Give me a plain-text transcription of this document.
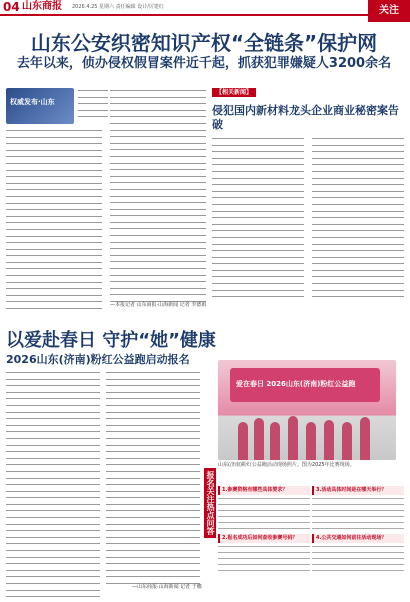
04 山东商报 2026.4.25 星期六 责任编辑 设计/厉建红	关注
山东公安织密知识产权“全链条”保护网
去年以来，侦办侵权假冒案件近千起，抓获犯罪嫌疑人3200余名
权威发布·山东
—本报记者 山东商报·山海新闻 记者 李德娟
【相关新闻】
侵犯国内新材料龙头企业商业秘密案告破
以爱赴春日 守护“她”健康
2026山东(济南)粉红公益跑启动报名
—山东商报·山海新闻 记者 于娜
爱在春日 2026山东(济南)粉红公益跑
山东(济南)粉红公益跑活动现场照片。图为2025年比赛现场。
报名关注热点问答	1.参赛资格有哪些具体要求？
2.报名成功后如何查收参赛号码？
3.活动具体时间是在哪天举行？
4.公共交通如何前往活动现场？
